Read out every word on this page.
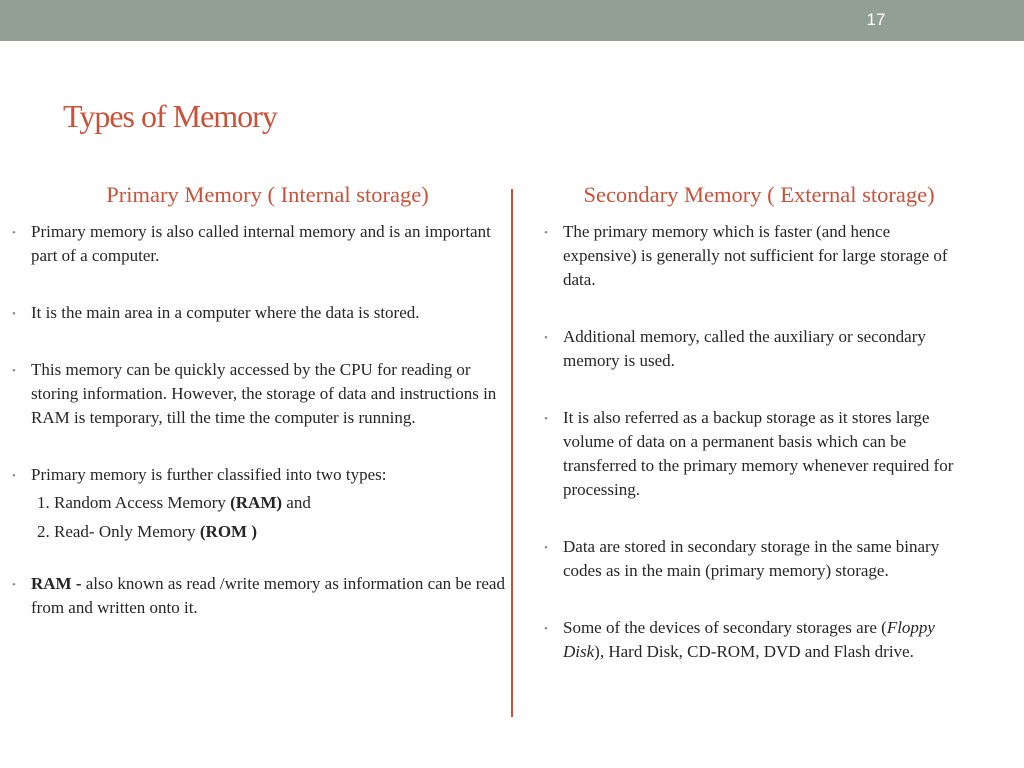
17
Types of Memory
Primary Memory ( Internal storage)	Secondary Memory ( External storage)
• Primary memory is also called internal memory and is an important part of a computer.
• It is the main area in a computer where the data is stored.
• This memory can be quickly accessed by the CPU for reading or storing information. However, the storage of data and instructions in RAM is temporary, till the time the computer is running.
• Primary memory is further classified into two types:
1. Random Access Memory (RAM) and
2. Read- Only Memory (ROM )
• RAM - also known as read /write memory as information can be read from and written onto it.
• The primary memory which is faster (and hence expensive) is generally not sufficient for large storage of data.
• Additional memory, called the auxiliary or secondary memory is used.
• It is also referred as a backup storage as it stores large volume of data on a permanent basis which can be transferred to the primary memory whenever required for processing.
• Data are stored in secondary storage in the same binary codes as in the main (primary memory) storage.
• Some of the devices of secondary storages are (Floppy Disk), Hard Disk, CD-ROM, DVD and Flash drive.
